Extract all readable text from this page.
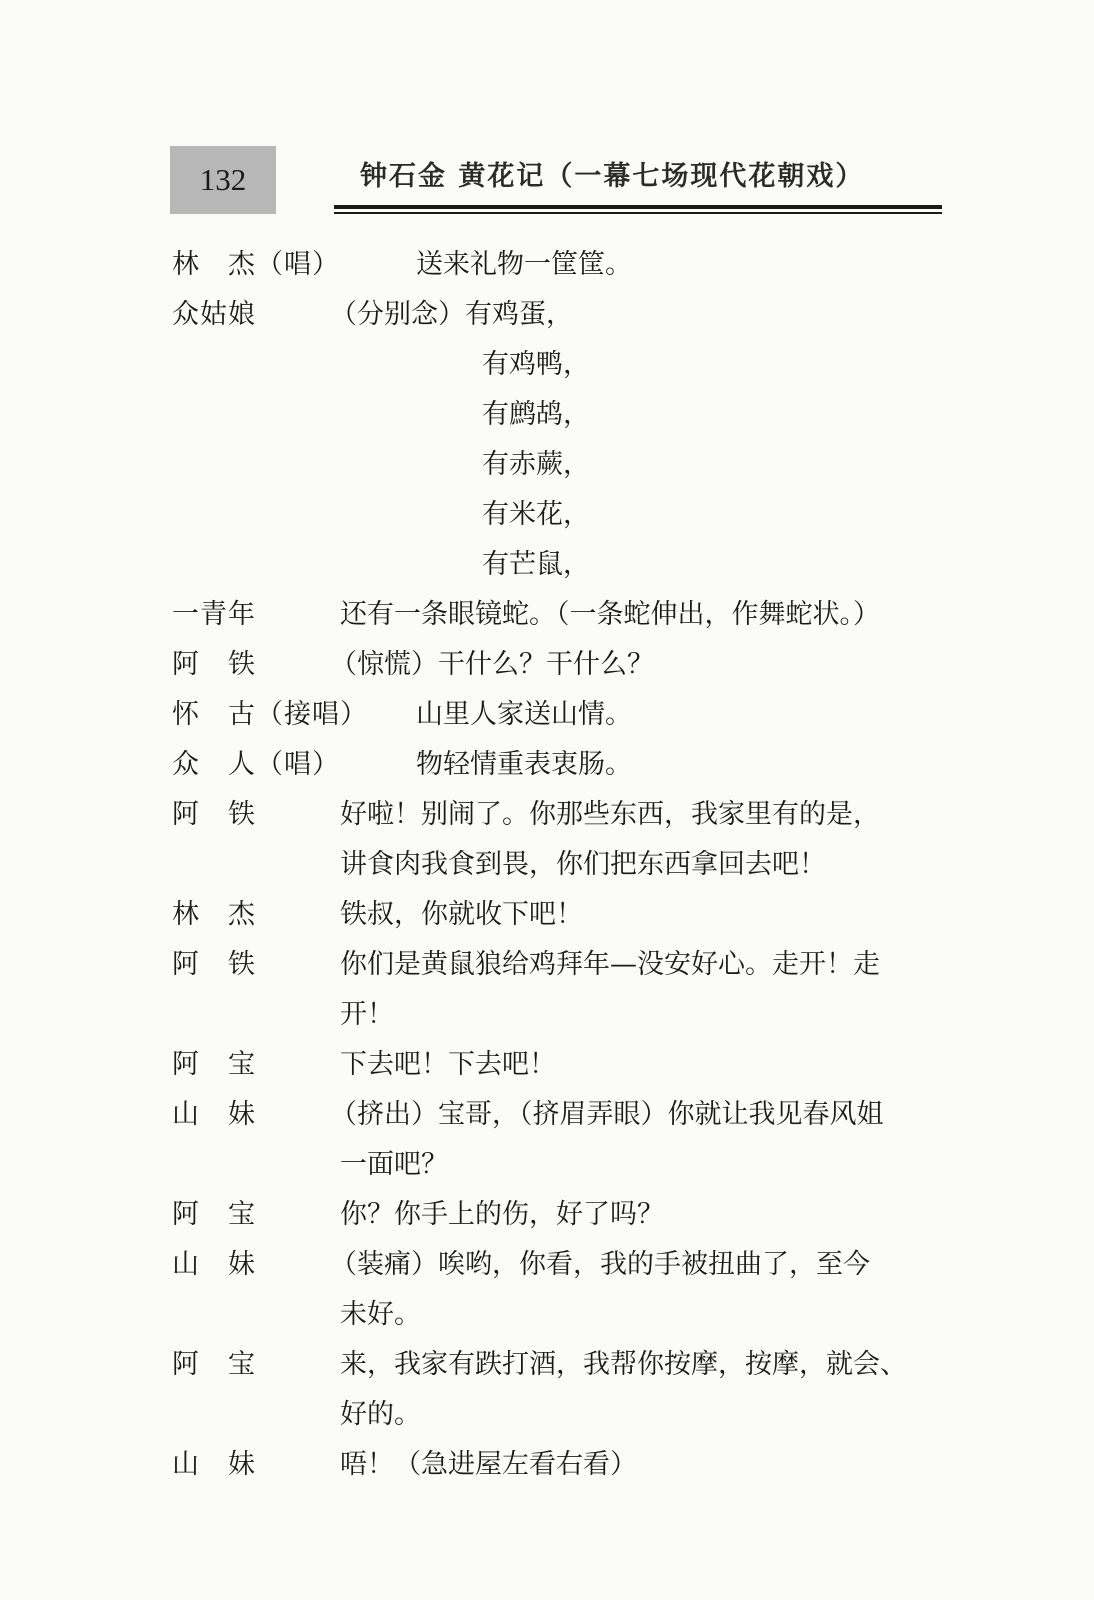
132	钟石金 黄花记（一幕七场现代花朝戏）
林　杰（唱）	送来礼物一筐筐。
众姑娘	（分别念）有鸡蛋，
有鸡鸭，
有鹧鸪，
有赤蕨，
有米花，
有芒鼠，
一青年	还有一条眼镜蛇。（一条蛇伸出，作舞蛇状。）
阿　铁	（惊慌）干什么？干什么？
怀　古（接唱） 山里人家送山情。
众　人（唱）	物轻情重表衷肠。
阿　铁	好啦！别闹了。你那些东西，我家里有的是，
讲食肉我食到畏，你们把东西拿回去吧！
林　杰	铁叔，你就收下吧！
阿　铁	你们是黄鼠狼给鸡拜年—没安好心。走开！走
开！
阿　宝	下去吧！下去吧！
山　妹	（挤出）宝哥，（挤眉弄眼）你就让我见春风姐
一面吧？
阿　宝	你？你手上的伤，好了吗？
山　妹	（装痛）唉哟，你看，我的手被扭曲了，至今
未好。
阿　宝	来，我家有跌打酒，我帮你按摩，按摩，就会、
好的。
山　妹	唔！（急进屋左看右看）
